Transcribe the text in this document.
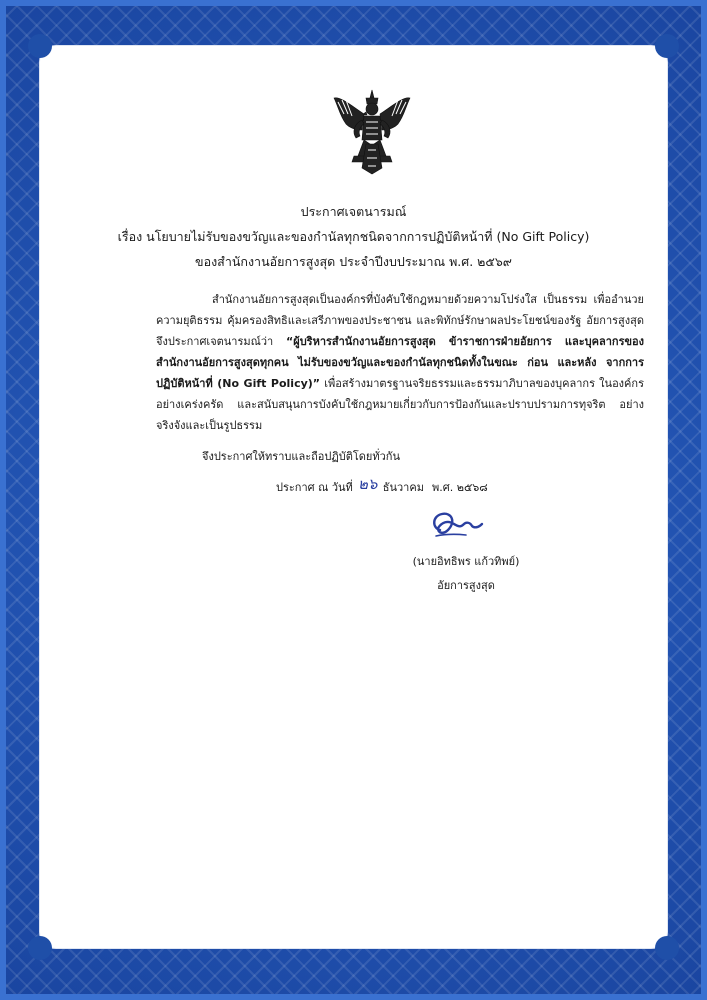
ประกาศเจตนารมณ์
เรื่อง นโยบายไม่รับของขวัญและของกำนัลทุกชนิดจากการปฏิบัติหน้าที่ (No Gift Policy)
ของสำนักงานอัยการสูงสุด ประจำปีงบประมาณ พ.ศ. ๒๕๖๙
สำนักงานอัยการสูงสุดเป็นองค์กรที่บังคับใช้กฎหมายด้วยความโปร่งใส เป็นธรรม เพื่ออำนวยความยุติธรรม คุ้มครองสิทธิและเสรีภาพของประชาชน และพิทักษ์รักษาผลประโยชน์ของรัฐ อัยการสูงสุดจึงประกาศเจตนารมณ์ว่า “ผู้บริหารสำนักงานอัยการสูงสุด ข้าราชการฝ่ายอัยการ และบุคลากรของสำนักงานอัยการสูงสุดทุกคน ไม่รับของขวัญและของกำนัลทุกชนิดทั้งในขณะ ก่อน และหลัง จากการปฏิบัติหน้าที่ (No Gift Policy)” เพื่อสร้างมาตรฐานจริยธรรมและธรรมาภิบาลของบุคลากร ในองค์กรอย่างเคร่งครัด และสนับสนุนการบังคับใช้กฎหมายเกี่ยวกับการป้องกันและปราบปรามการทุจริต อย่างจริงจังและเป็นรูปธรรม
จึงประกาศให้ทราบและถือปฏิบัติโดยทั่วกัน
ประกาศ ณ วันที่ ๒๖ ธันวาคม พ.ศ. ๒๕๖๘
(นายอิทธิพร แก้วทิพย์)
อัยการสูงสุด
